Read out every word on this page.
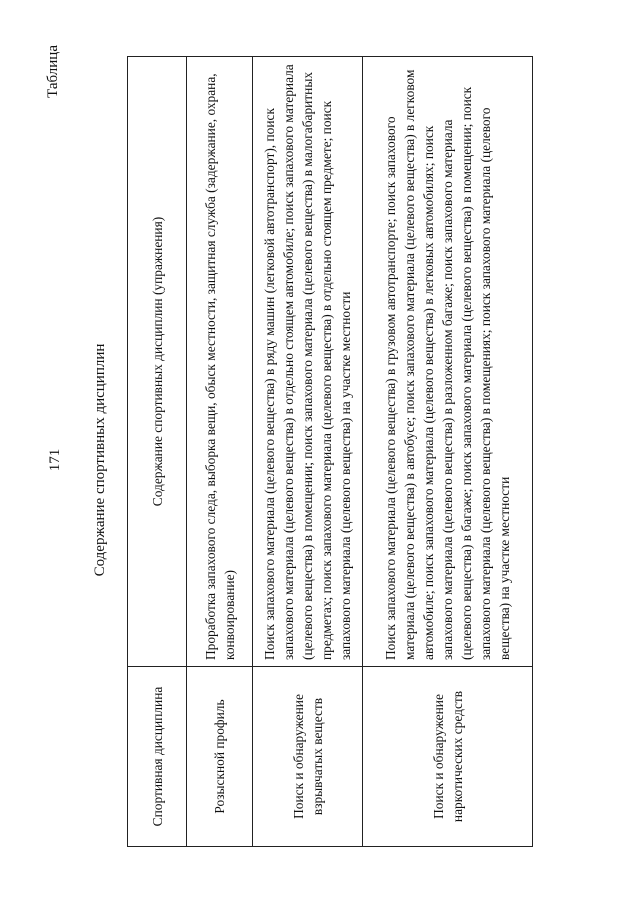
Таблица
171 Содержание спортивных дисциплин
Спортивная дисциплина	Содержание спортивных дисциплин (упражнения)
Розыскной профиль	Проработка запахового следа, выборка вещи, обыск местности, защитная служба (задержание, охрана, конвоирование)
Поиск и обнаружение взрывчатых веществ	Поиск запахового материала (целевого вещества) в ряду машин (легковой автотранспорт), поиск запахового материала (целевого вещества) в отдельно стоящем автомобиле; поиск запахового материала (целевого вещества) в помещении; поиск запахового материала (целевого вещества) в малогабаритных предметах; поиск запахового материала (целевого вещества) в отдельно стоящем предмете; поиск запахового материала (целевого вещества) на участке местности
Поиск и обнаружение наркотических средств	Поиск запахового материала (целевого вещества) в грузовом автотранспорте; поиск запахового материала (целевого вещества) в автобусе; поиск запахового материала (целевого вещества) в легковом автомобиле; поиск запахового материала (целевого вещества) в легковых автомобилях; поиск запахового материала (целевого вещества) в разложенном багаже; поиск запахового материала (целевого вещества) в багаже; поиск запахового материала (целевого вещества) в помещении; поиск запахового материала (целевого вещества) в помещениях; поиск запахового материала (целевого вещества) на участке местности
